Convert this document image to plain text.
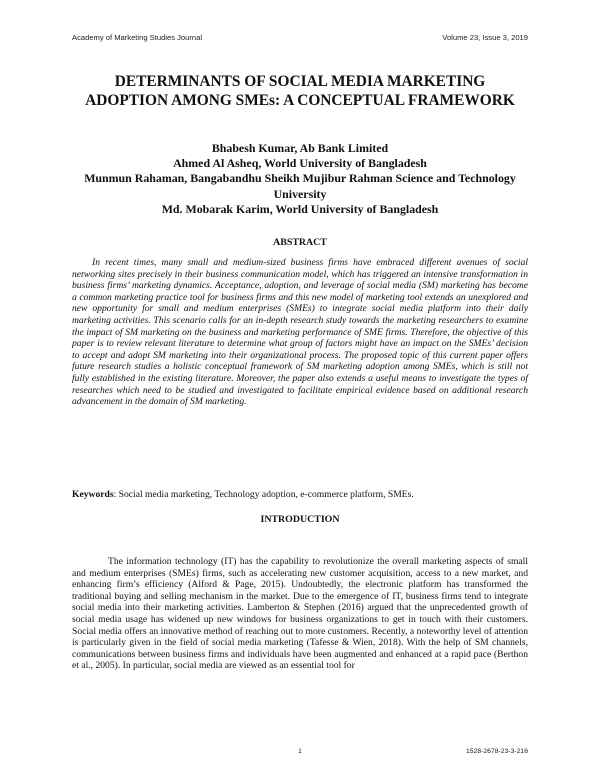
Academy of Marketing Studies Journal	Volume 23, Issue 3, 2019
DETERMINANTS OF SOCIAL MEDIA MARKETING ADOPTION AMONG SMEs: A CONCEPTUAL FRAMEWORK
Bhabesh Kumar, Ab Bank Limited
Ahmed Al Asheq, World University of Bangladesh
Munmun Rahaman, Bangabandhu Sheikh Mujibur Rahman Science and Technology University
Md. Mobarak Karim, World University of Bangladesh
ABSTRACT

In recent times, many small and medium-sized business firms have embraced different avenues of social networking sites precisely in their business communication model, which has triggered an intensive transformation in business firms’ marketing dynamics. Acceptance, adoption, and leverage of social media (SM) marketing has become a common marketing practice tool for business firms and this new model of marketing tool extends an unexplored and new opportunity for small and medium enterprises (SMEs) to integrate social media platform into their daily marketing activities. This scenario calls for an in-depth research study towards the marketing researchers to examine the impact of SM marketing on the business and marketing performance of SME firms. Therefore, the objective of this paper is to review relevant literature to determine what group of factors might have an impact on the SMEs’ decision to accept and adopt SM marketing into their organizational process. The proposed topic of this current paper offers future research studies a holistic conceptual framework of SM marketing adoption among SMEs, which is still not fully established in the existing literature. Moreover, the paper also extends a useful means to investigate the types of researches which need to be studied and investigated to facilitate empirical evidence based on additional research advancement in the domain of SM marketing.

Keywords: Social media marketing, Technology adoption, e-commerce platform, SMEs.
INTRODUCTION

The information technology (IT) has the capability to revolutionize the overall marketing aspects of small and medium enterprises (SMEs) firms, such as accelerating new customer acquisition, access to a new market, and enhancing firm’s efficiency (Alford & Page, 2015). Undoubtedly, the electronic platform has transformed the traditional buying and selling mechanism in the market. Due to the emergence of IT, business firms tend to integrate social media into their marketing activities. Lamberton & Stephen (2016) argued that the unprecedented growth of social media usage has widened up new windows for business organizations to get in touch with their customers. Social media offers an innovative method of reaching out to more customers. Recently, a noteworthy level of attention is particularly given in the field of social media marketing (Tafesse & Wien, 2018). With the help of SM channels, communications between business firms and individuals have been augmented and enhanced at a rapid pace (Berthon et al., 2005). In particular, social media are viewed as an essential tool for

1	1528-2678-23-3-216
